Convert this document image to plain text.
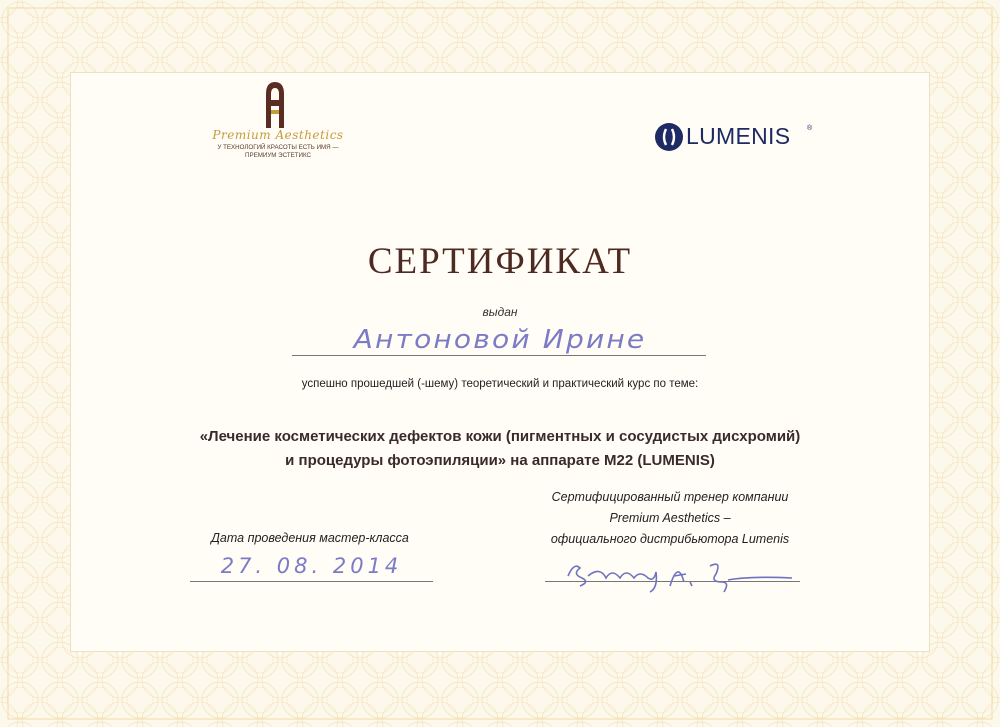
Premium Aesthetics
У ТЕХНОЛОГИЙ КРАСОТЫ ЕСТЬ ИМЯ —
ПРЕМИУМ ЭСТЕТИКС
LUMENIS ®
СЕРТИФИКАТ
выдан
Антоновой Ирине
успешно прошедшей (-шему) теоретический и практический курс по теме:
«Лечение косметических дефектов кожи (пигментных и сосудистых дисхромий)
и процедуры фотоэпиляции» на аппарате М22 (LUMENIS)
Сертифицированный тренер компании
Premium Aesthetics –
официального дистрибьютора Lumenis
Дата проведения мастер-класса
27. 08. 2014
